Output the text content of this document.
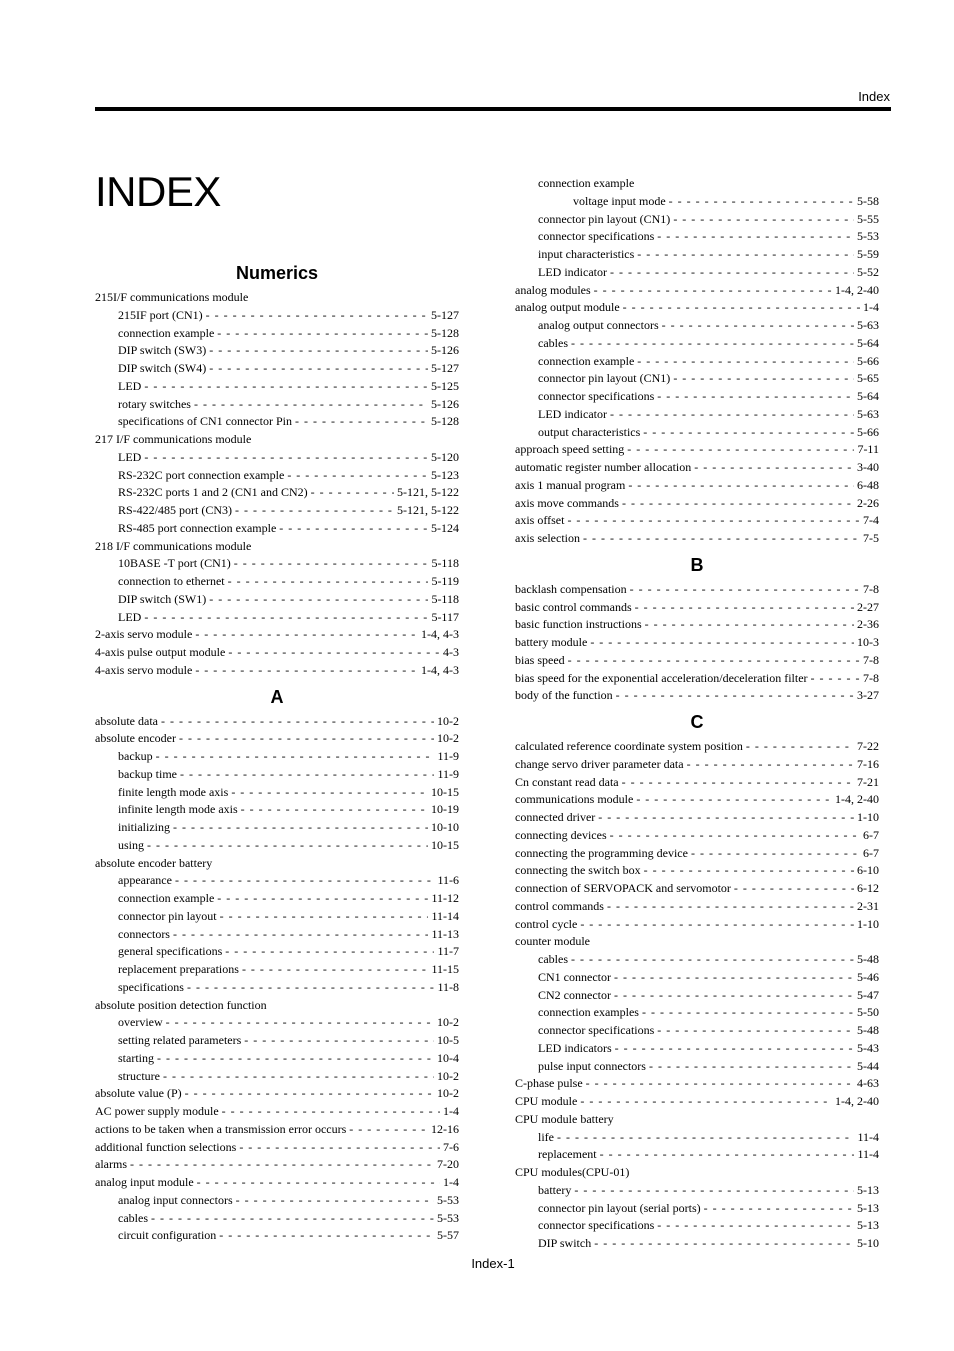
Index
INDEX
Numerics
215I/F communications module
215IF port (CN1) - - -	5-127
connection example - - -	5-128
DIP switch (SW3) - - -	5-126
DIP switch (SW4) - - -	5-127
LED - - -	5-125
rotary switches - - -	5-126
specifications of CN1 connector Pin - - -	5-128
217 I/F communications module
LED - - -	5-120
RS-232C port connection example - - -	5-123
RS-232C ports 1 and 2 (CN1 and CN2) - - -	5-121, 5-122
RS-422/485 port (CN3) - - -	5-121, 5-122
RS-485 port connection example - - -	5-124
218 I/F communications module
10BASE -T port (CN1) - - -	5-118
connection to ethernet - - -	5-119
DIP switch (SW1) - - -	5-118
LED - - -	5-117
2-axis servo module - - -	1-4, 4-3
4-axis pulse output module - - -	4-3
4-axis servo module - - -	1-4, 4-3
A
absolute data - - -	10-2
absolute encoder - - -	10-2
backup - - -	11-9
backup time - - -	11-9
finite length mode axis - - -	10-15
infinite length mode axis - - -	10-19
initializing - - -	10-10
using - - -	10-15
absolute encoder battery
appearance - - -	11-6
connection example - - -	11-12
connector pin layout - - -	11-14
connectors - - -	11-13
general specifications - - -	11-7
replacement preparations - - -	11-15
specifications - - -	11-8
absolute position detection function
overview - - -	10-2
setting related parameters - - -	10-5
starting - - -	10-4
structure - - -	10-2
absolute value (P) - - -	10-2
AC power supply module - - -	1-4
actions to be taken when a transmission error occurs - - -	12-16
additional function selections - - -	7-6
alarms - - -	7-20
analog input module - - -	1-4
analog input connectors - - -	5-53
cables - - -	5-53
circuit configuration - - -	5-57
connection example
voltage input mode - - -	5-58
connector pin layout (CN1) - - -	5-55
connector specifications - - -	5-53
input characteristics - - -	5-59
LED indicator - - -	5-52
analog modules - - -	1-4, 2-40
analog output module - - -	1-4
analog output connectors - - -	5-63
cables - - -	5-64
connection example - - -	5-66
connector pin layout (CN1) - - -	5-65
connector specifications - - -	5-64
LED indicator - - -	5-63
output characteristics - - -	5-66
approach speed setting - - -	7-11
automatic register number allocation - - -	3-40
axis 1 manual program - - -	6-48
axis move commands - - -	2-26
axis offset - - -	7-4
axis selection - - -	7-5
B
backlash compensation - - -	7-8
basic control commands - - -	2-27
basic function instructions - - -	2-36
battery module - - -	10-3
bias speed - - -	7-8
bias speed for the exponential acceleration/deceleration filter - - -	7-8
body of the function - - -	3-27
C
calculated reference coordinate system position - - -	7-22
change servo driver parameter data - - -	7-16
Cn constant read data - - -	7-21
communications module - - -	1-4, 2-40
connected driver - - -	1-10
connecting devices - - -	6-7
connecting the programming device - - -	6-7
connecting the switch box - - -	6-10
connection of SERVOPACK and servomotor - - -	6-12
control commands - - -	2-31
control cycle - - -	1-10
counter module
cables - - -	5-48
CN1 connector - - -	5-46
CN2 connector - - -	5-47
connection examples - - -	5-50
connector specifications - - -	5-48
LED indicators - - -	5-43
pulse input connectors - - -	5-44
C-phase pulse - - -	4-63
CPU module - - -	1-4, 2-40
CPU module battery
life - - -	11-4
replacement - - -	11-4
CPU modules(CPU-01)
battery - - -	5-13
connector pin layout (serial ports) - - -	5-13
connector specifications - - -	5-13
DIP switch - - -	5-10
Index-1
